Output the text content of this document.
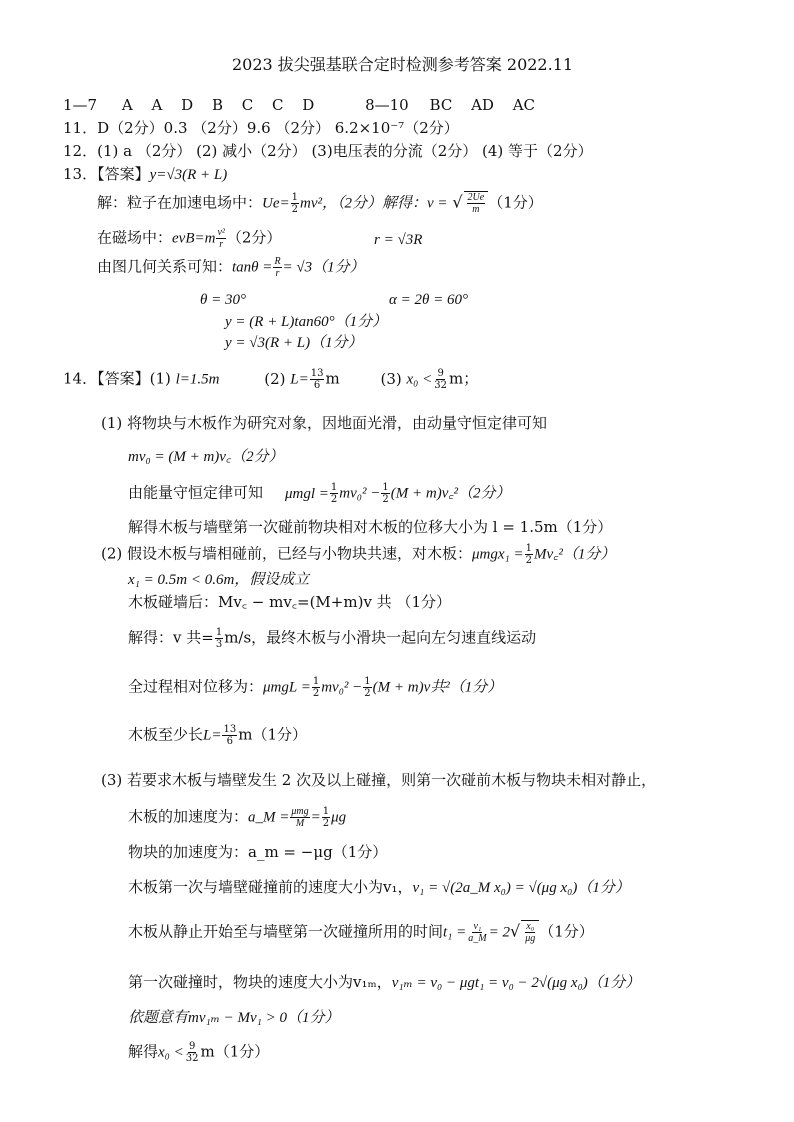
2023 拔尖强基联合定时检测参考答案 2022.11
1—7 A A D B C C D	8—10 BC AD AC
11．D（2分）0.3 （2分）9.6 （2分） 6.2×10⁻⁷（2分）
12．(1) a （2分） (2) 减小（2分） (3)电压表的分流（2分） (4) 等于（2分）
13．【答案】y=√3(R + L)
解：粒子在加速电场中：$Ue= \frac{1}{2} mv^2$，（2分）解得：v = √ $\frac{2Ue}{m} (1$分）
在磁场中：$evB=m \frac{\text{v²}}{r} (2$分）	r = √3R
由图几何关系可知：$\tan\theta = \frac{R}{r} = √3(1$分）
θ = 30°	α = 2θ = 60°
y = (R + L)tan60°（1分）
y = √3(R + L)（1分）
14．【答案】(1) l=1.5m	(2) $L= \frac{13}{6}$ m	(3) $x_0 < \frac{9}{32}$ m；
(1) 将物块与木板作为研究对象，因地面光滑，由动量守恒定律可知
mv₀ = (M + m)v꜀（2分）
由能量守恒定律可知 $\mu mgl = \frac{1}{2} mv_0^2 - \frac{1}{2} (M$ + m)v꜀²（2分）
解得木板与墙壁第一次碰前物块相对木板的位移大小为 l = 1.5m（1分）
(2) 假设木板与墙相碰前，已经与小物块共速，对木板：$\mu mgx_1 = \frac{1}{2}$ Mv꜀²（1分）
x₁ = 0.5m < 0.6m，假设成立
木板碰墙后：Mv꜀ − mv꜀=(M+m)v 共 （1分）
解得：v 共= $\frac{1}{3} m/s$，最终木板与小滑块一起向左匀速直线运动
全过程相对位移为：$\mu mgL = \frac{1}{2} mv_0^2 - \frac{1}{2} (M + m)v$共²（1分）
木板至少长$L= \frac{13}{6} m(1$分）
(3) 若要求木板与墙壁发生 2 次及以上碰撞，则第一次碰前木板与物块未相对静止，
木板的加速度为：a_M = $\frac{\text{μmg}}{M} = \frac{1}{2}$ μg
物块的加速度为：a_m = −μg（1分）
木板第一次与墙壁碰撞前的速度大小为v₁，v₁ = √(2a_M x₀) = √(μg x₀)（1分）
木板从静止开始至与墙壁第一次碰撞所用的时间$t_1 = \frac{\text{v₁}}{a\_M} = 2√ \frac{\text{x₀}}{\mu g} (1$分）
第一次碰撞时，物块的速度大小为v₁ₘ，v₁ₘ = v₀ − μgt₁ = v₀ − 2√(μg x₀)（1分）
依题意有mv₁ₘ − Mv₁ > 0（1分）
解得$x_0 < \frac{9}{32} m(1$分）
